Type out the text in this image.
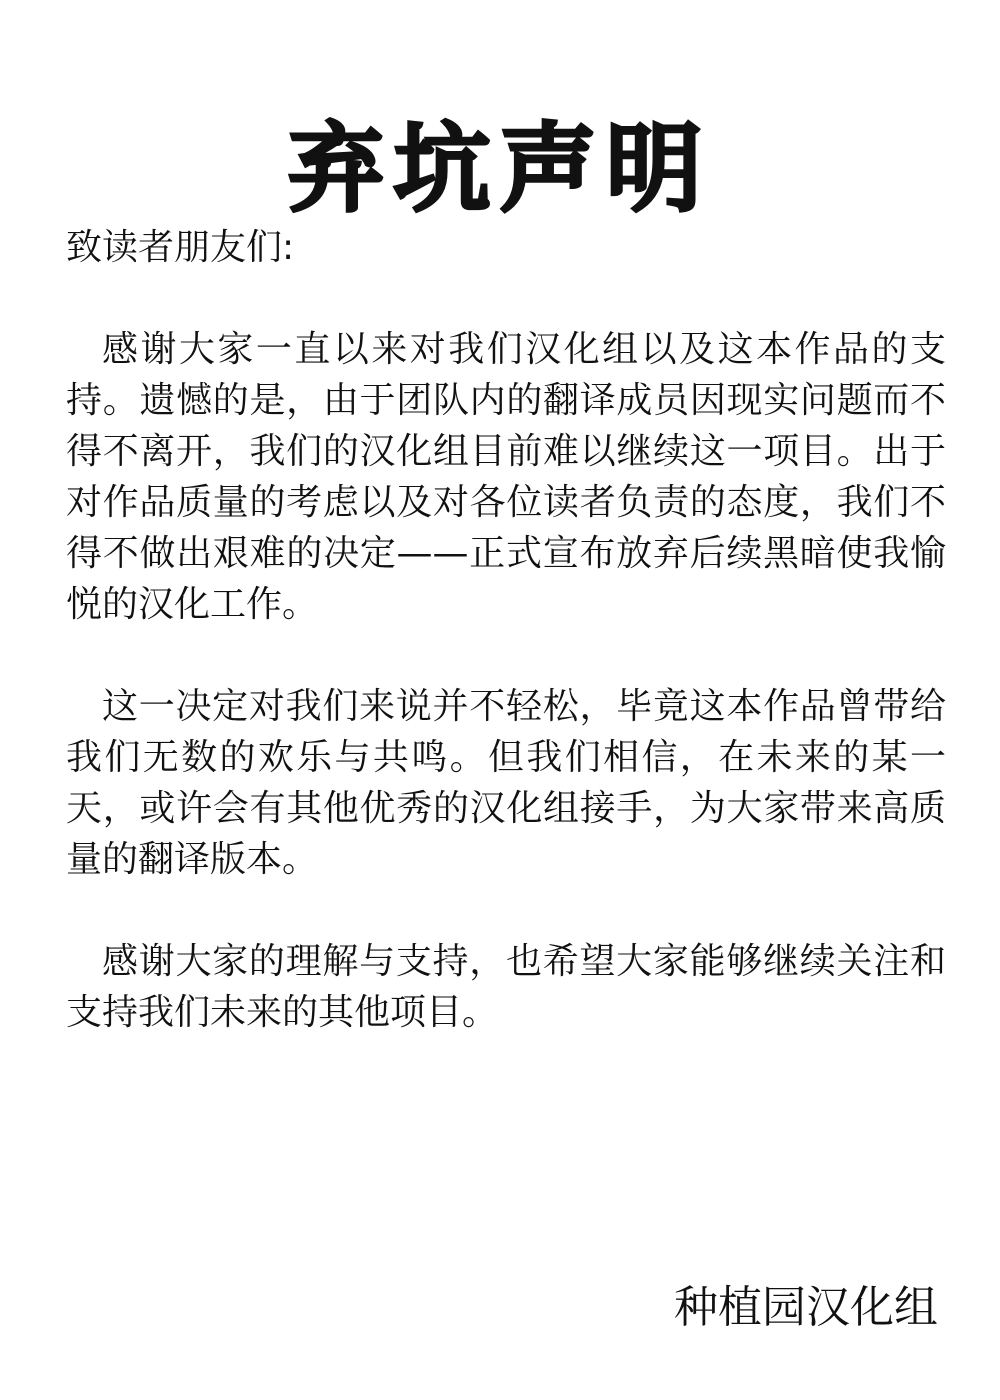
弃坑声明

致读者朋友们:

感谢大家一直以来对我们汉化组以及这本作品的支持。遗憾的是，由于团队内的翻译成员因现实问题而不得不离开，我们的汉化组目前难以继续这一项目。出于对作品质量的考虑以及对各位读者负责的态度，我们不得不做出艰难的决定——正式宣布放弃后续黑暗使我愉悦的汉化工作。

这一决定对我们来说并不轻松，毕竟这本作品曾带给我们无数的欢乐与共鸣。但我们相信，在未来的某一天，或许会有其他优秀的汉化组接手，为大家带来高质量的翻译版本。

感谢大家的理解与支持，也希望大家能够继续关注和支持我们未来的其他项目。

种植园汉化组
